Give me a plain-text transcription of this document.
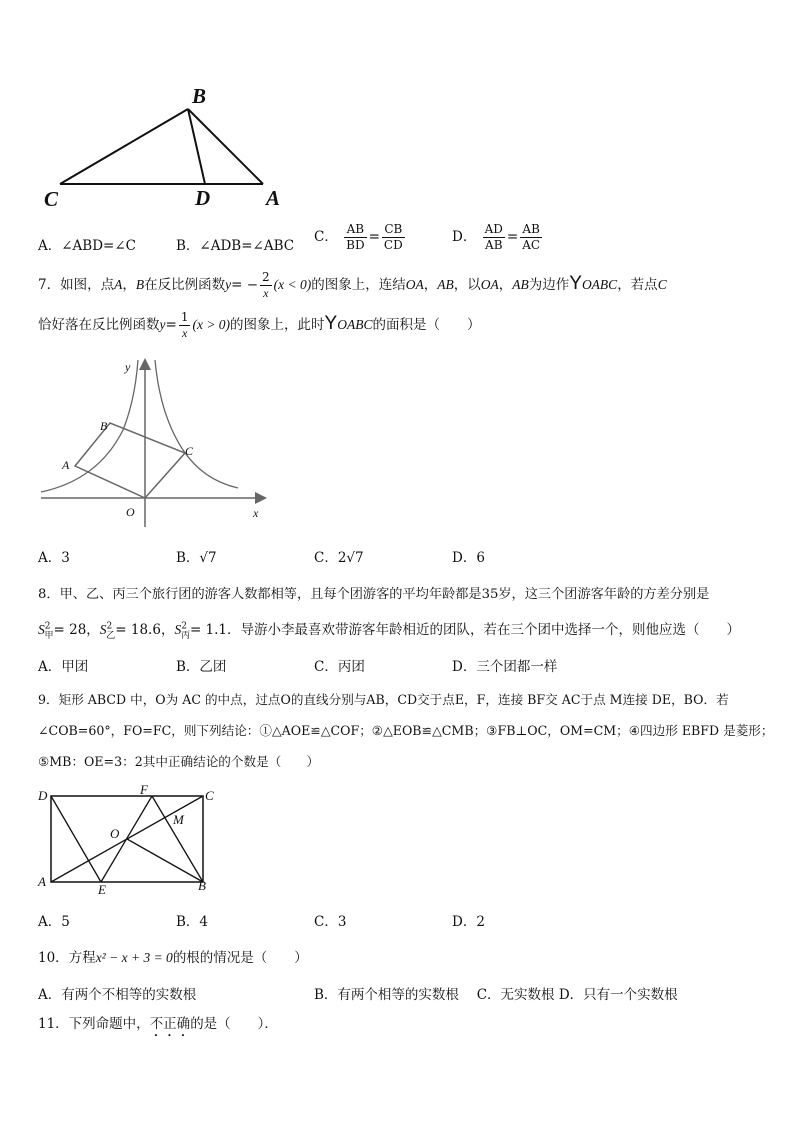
B
C	D	A
A．∠ABD=∠C	B．∠ADB=∠ABC
C． $\frac{AB}{BD} = \frac{CB}{CD}$	D． $\frac{AD}{AB} = \frac{AB}{AC}$
7．如图，点A，B在反比例函数$y= - \frac{2}{x} (x < 0)$的图象上，连结OA，AB，以OA，AB为边作YOABC，若点C
恰好落在反比例函数$y= \frac{1}{x} (x > 0)$的图象上，此时YOABC的面积是（　　）
y
x
O
A
B
C
A．3	B．√7	C．2√7	D．6
8．甲、乙、丙三个旅行团的游客人数都相等，且每个团游客的平均年龄都是35岁，这三个团游客年龄的方差分别是
$S^2_甲= 28$，$S^2_乙= 18.6$，$S^2_丙= 1.1$．导游小李最喜欢带游客年龄相近的团队，若在三个团中选择一个，则他应选（　　）
A．甲团	B．乙团	C．丙团	D．三个团都一样
9．矩形 ABCD 中，O为 AC 的中点，过点O的直线分别与AB，CD交于点E，F，连接 BF交 AC于点 M连接 DE，BO．若
∠COB=60°，FO=FC，则下列结论：①△AOE≌△COF；②△EOB≌△CMB；③FB⊥OC，OM=CM；④四边形 EBFD 是菱形；
⑤MB：OE=3：2其中正确结论的个数是（　　）
D	F	C
O
M
A
E	B
A．5	B．4	C．3	D．2
10．方程x² − x + 3 = 0的根的情况是（　　）
A．有两个不相等的实数根	B．有两个相等的实数根　 C．无实数根 D．只有一个实数根
11．下列命题中，不正确的是（　　）．
